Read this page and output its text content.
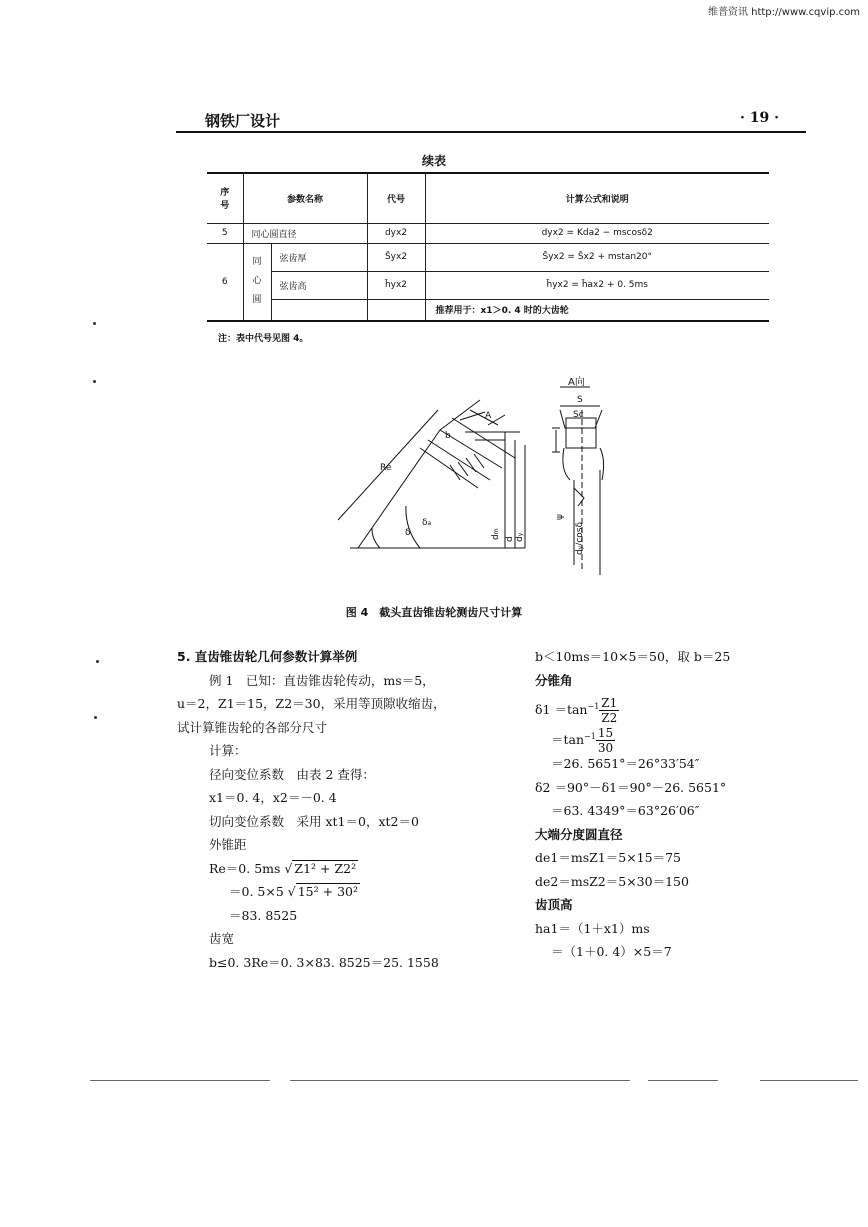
维普资讯 http://www.cqvip.com
钢铁厂设计	· 19 ·
续表
序
号	参数名称		代号	计算公式和说明
5	同心圆直径		dyx2	dyx2 = Kda2 − mscosδ2
6	同
心
圆	弦齿厚	S̄yx2	S̄yx2 = S̄x2 + mstan20°
		弦齿高	h̄yx2	h̄yx2 = h̄ax2 + 0. 5ms
				推荐用于：x1＞0. 4 时的大齿轮
注：表中代号见图 4。
Re
b
A
δ
δa
dm
d dy
A向
S
Sc
dy/cosδ
ψ
图 4　截头直齿锥齿轮测齿尺寸计算
5. 直齿锥齿轮几何参数计算举例
例 1　已知：直齿锥齿轮传动，ms＝5，
u＝2，Z1＝15，Z2＝30，采用等顶隙收缩齿，
试计算锥齿轮的各部分尺寸
计算：
径向变位系数　由表 2 查得：
x1＝0. 4，x2＝－0. 4
切向变位系数　采用 xt1＝0，xt2＝0
外锥距
Re＝0. 5ms √ Z1² + Z2²
＝0. 5×5 √ 15² + 30²
＝83. 8525
齿宽
b≤0. 3Re＝0. 3×83. 8525＝25. 1558
b＜10ms＝10×5＝50，取 b＝25
分锥角
$\delta 1 =\tan^{-1} \frac{Z1}{Z2}$
$=\tan^{-1} \frac{15}{30}$
＝26. 5651°＝26°33′54″
δ2 ＝90°－δ1＝90°－26. 5651°
＝63. 4349°＝63°26′06″
大端分度圆直径
de1＝msZ1＝5×15＝75
de2＝msZ2＝5×30＝150
齿顶高
ha1＝（1＋x1）ms
＝（1＋0. 4）×5＝7
